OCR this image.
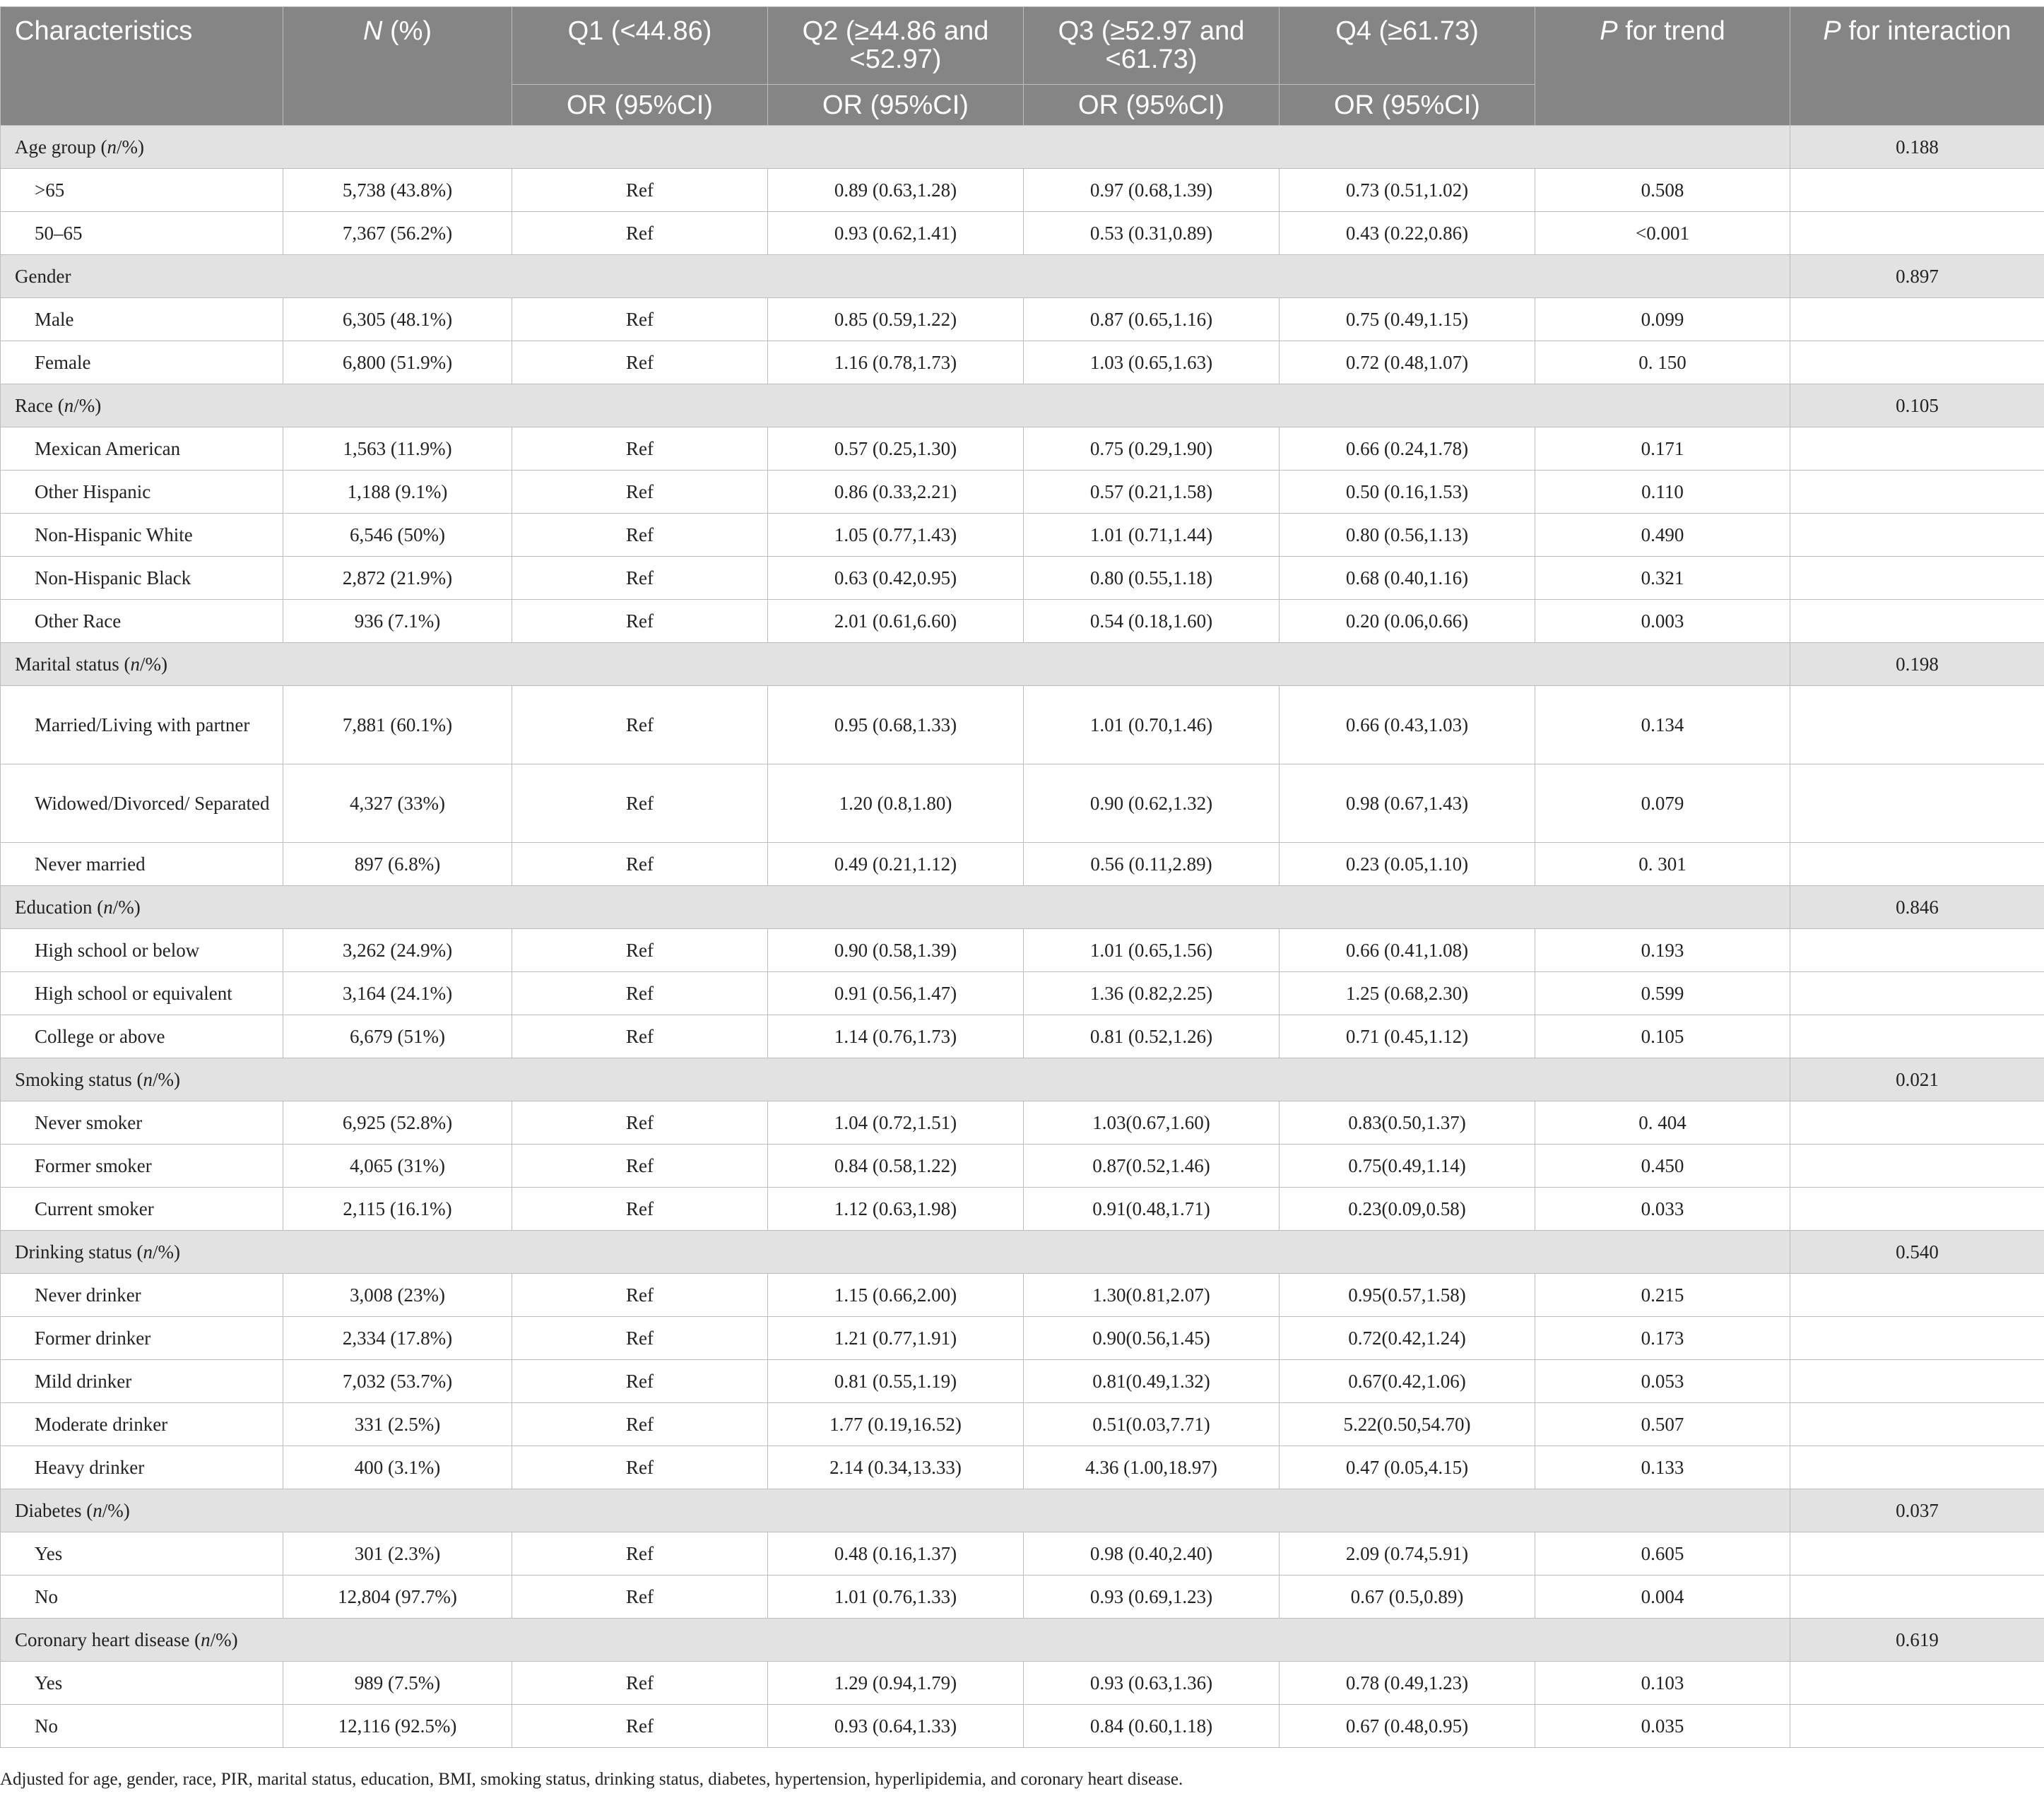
Characteristics	N (%)	Q1 (<44.86)	Q2 (≥44.86 and <52.97)	Q3 (≥52.97 and <61.73)	Q4 (≥61.73)	P for trend	P for interaction
		OR (95%CI)	OR (95%CI)	OR (95%CI)	OR (95%CI)		
Age group (n/%)							0.188
>65	5,738 (43.8%)	Ref	0.89 (0.63,1.28)	0.97 (0.68,1.39)	0.73 (0.51,1.02)	0.508	
50–65	7,367 (56.2%)	Ref	0.93 (0.62,1.41)	0.53 (0.31,0.89)	0.43 (0.22,0.86)	<0.001	
Gender							0.897
Male	6,305 (48.1%)	Ref	0.85 (0.59,1.22)	0.87 (0.65,1.16)	0.75 (0.49,1.15)	0.099	
Female	6,800 (51.9%)	Ref	1.16 (0.78,1.73)	1.03 (0.65,1.63)	0.72 (0.48,1.07)	0. 150	
Race (n/%)							0.105
Mexican American	1,563 (11.9%)	Ref	0.57 (0.25,1.30)	0.75 (0.29,1.90)	0.66 (0.24,1.78)	0.171	
Other Hispanic	1,188 (9.1%)	Ref	0.86 (0.33,2.21)	0.57 (0.21,1.58)	0.50 (0.16,1.53)	0.110	
Non-Hispanic White	6,546 (50%)	Ref	1.05 (0.77,1.43)	1.01 (0.71,1.44)	0.80 (0.56,1.13)	0.490	
Non-Hispanic Black	2,872 (21.9%)	Ref	0.63 (0.42,0.95)	0.80 (0.55,1.18)	0.68 (0.40,1.16)	0.321	
Other Race	936 (7.1%)	Ref	2.01 (0.61,6.60)	0.54 (0.18,1.60)	0.20 (0.06,0.66)	0.003	
Marital status (n/%)							0.198
Married/Living with partner	7,881 (60.1%)	Ref	0.95 (0.68,1.33)	1.01 (0.70,1.46)	0.66 (0.43,1.03)	0.134	
Widowed/Divorced/ Separated	4,327 (33%)	Ref	1.20 (0.8,1.80)	0.90 (0.62,1.32)	0.98 (0.67,1.43)	0.079	
Never married	897 (6.8%)	Ref	0.49 (0.21,1.12)	0.56 (0.11,2.89)	0.23 (0.05,1.10)	0. 301	
Education (n/%)							0.846
High school or below	3,262 (24.9%)	Ref	0.90 (0.58,1.39)	1.01 (0.65,1.56)	0.66 (0.41,1.08)	0.193	
High school or equivalent	3,164 (24.1%)	Ref	0.91 (0.56,1.47)	1.36 (0.82,2.25)	1.25 (0.68,2.30)	0.599	
College or above	6,679 (51%)	Ref	1.14 (0.76,1.73)	0.81 (0.52,1.26)	0.71 (0.45,1.12)	0.105	
Smoking status (n/%)							0.021
Never smoker	6,925 (52.8%)	Ref	1.04 (0.72,1.51)	1.03(0.67,1.60)	0.83(0.50,1.37)	0. 404	
Former smoker	4,065 (31%)	Ref	0.84 (0.58,1.22)	0.87(0.52,1.46)	0.75(0.49,1.14)	0.450	
Current smoker	2,115 (16.1%)	Ref	1.12 (0.63,1.98)	0.91(0.48,1.71)	0.23(0.09,0.58)	0.033	
Drinking status (n/%)							0.540
Never drinker	3,008 (23%)	Ref	1.15 (0.66,2.00)	1.30(0.81,2.07)	0.95(0.57,1.58)	0.215	
Former drinker	2,334 (17.8%)	Ref	1.21 (0.77,1.91)	0.90(0.56,1.45)	0.72(0.42,1.24)	0.173	
Mild drinker	7,032 (53.7%)	Ref	0.81 (0.55,1.19)	0.81(0.49,1.32)	0.67(0.42,1.06)	0.053	
Moderate drinker	331 (2.5%)	Ref	1.77 (0.19,16.52)	0.51(0.03,7.71)	5.22(0.50,54.70)	0.507	
Heavy drinker	400 (3.1%)	Ref	2.14 (0.34,13.33)	4.36 (1.00,18.97)	0.47 (0.05,4.15)	0.133	
Diabetes (n/%)							0.037
Yes	301 (2.3%)	Ref	0.48 (0.16,1.37)	0.98 (0.40,2.40)	2.09 (0.74,5.91)	0.605	
No	12,804 (97.7%)	Ref	1.01 (0.76,1.33)	0.93 (0.69,1.23)	0.67 (0.5,0.89)	0.004	
Coronary heart disease (n/%)							0.619
Yes	989 (7.5%)	Ref	1.29 (0.94,1.79)	0.93 (0.63,1.36)	0.78 (0.49,1.23)	0.103	
No	12,116 (92.5%)	Ref	0.93 (0.64,1.33)	0.84 (0.60,1.18)	0.67 (0.48,0.95)	0.035	
Adjusted for age, gender, race, PIR, marital status, education, BMI, smoking status, drinking status, diabetes, hypertension, hyperlipidemia, and coronary heart disease.
